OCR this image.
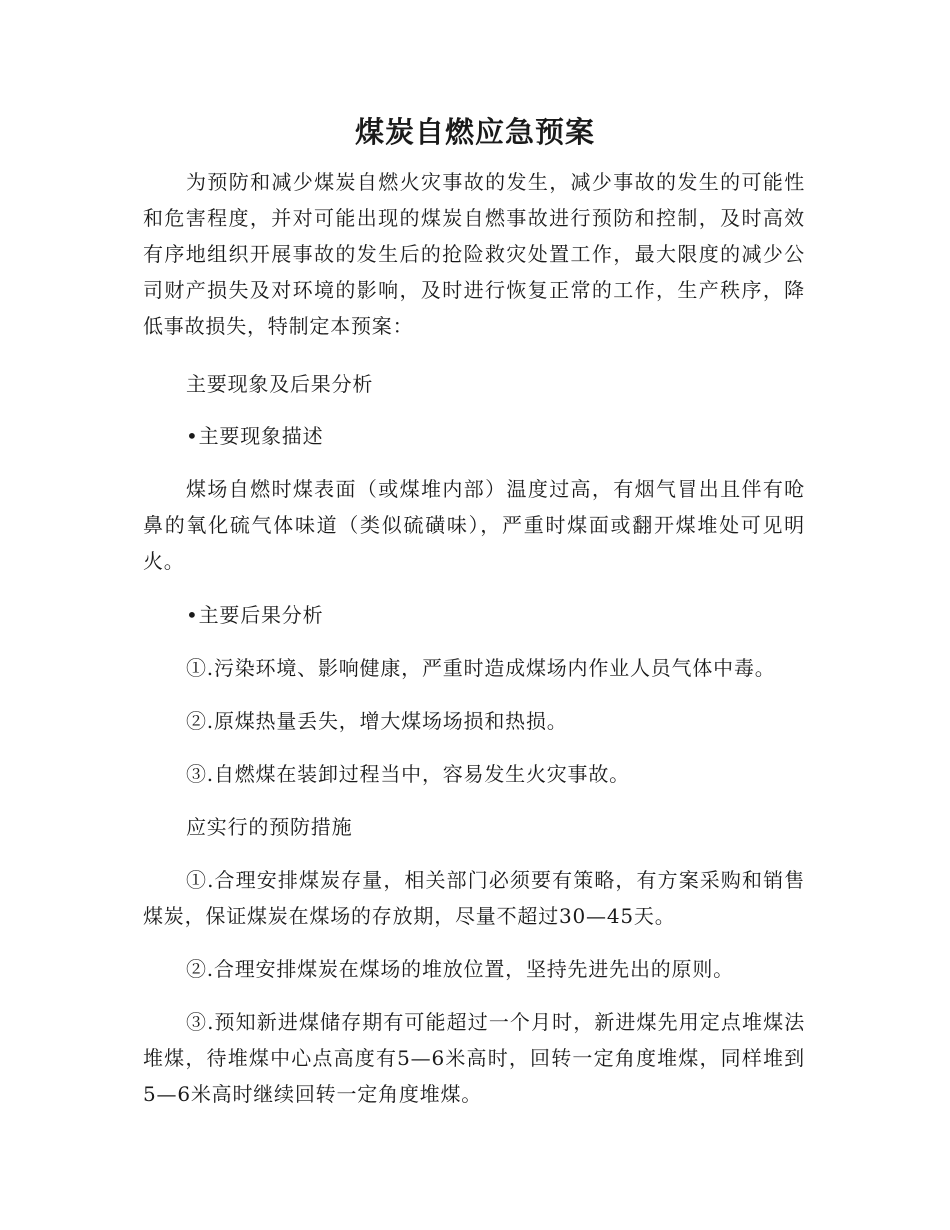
煤炭自燃应急预案

为预防和减少煤炭自燃火灾事故的发生，减少事故的发生的可能性和危害程度，并对可能出现的煤炭自燃事故进行预防和控制，及时高效有序地组织开展事故的发生后的抢险救灾处置工作，最大限度的减少公司财产损失及对环境的影响，及时进行恢复正常的工作，生产秩序，降低事故损失，特制定本预案：

主要现象及后果分析

•主要现象描述

煤场自燃时煤表面（或煤堆内部）温度过高，有烟气冒出且伴有呛鼻的氧化硫气体味道（类似硫磺味），严重时煤面或翻开煤堆处可见明火。

•主要后果分析

①.污染环境、影响健康，严重时造成煤场内作业人员气体中毒。

②.原煤热量丢失，增大煤场场损和热损。

③.自燃煤在装卸过程当中，容易发生火灾事故。

应实行的预防措施

①.合理安排煤炭存量，相关部门必须要有策略，有方案采购和销售煤炭，保证煤炭在煤场的存放期，尽量不超过30—45天。

②.合理安排煤炭在煤场的堆放位置，坚持先进先出的原则。

③.预知新进煤储存期有可能超过一个月时，新进煤先用定点堆煤法堆煤，待堆煤中心点高度有5—6米高时，回转一定角度堆煤，同样堆到5—6米高时继续回转一定角度堆煤。
